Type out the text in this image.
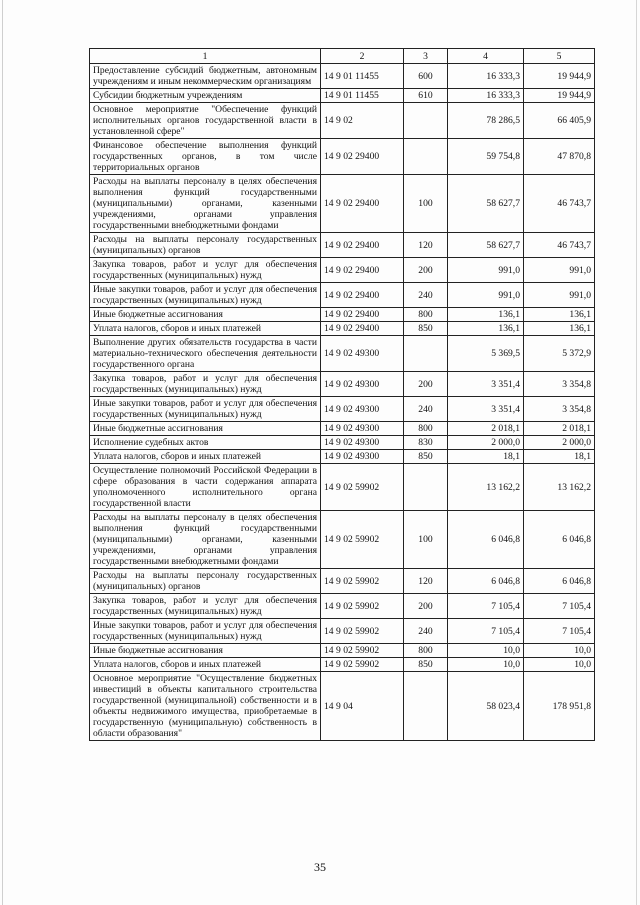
1	2	3	4	5
Предоставление субсидий бюджетным, автономным учреждениям и иным некоммерческим организациям	14 9 01 11455	600	16 333,3	19 944,9
Субсидии бюджетным учреждениям	14 9 01 11455	610	16 333,3	19 944,9
Основное мероприятие "Обеспечение функций исполнительных органов государственной власти в установленной сфере"	14 9 02		78 286,5	66 405,9
Финансовое обеспечение выполнения функций государственных органов, в том числе территориальных органов	14 9 02 29400		59 754,8	47 870,8
Расходы на выплаты персоналу в целях обеспечения выполнения функций государственными (муниципальными) органами, казенными учреждениями, органами управления государственными внебюджетными фондами	14 9 02 29400	100	58 627,7	46 743,7
Расходы на выплаты персоналу государственных (муниципальных) органов	14 9 02 29400	120	58 627,7	46 743,7
Закупка товаров, работ и услуг для обеспечения государственных (муниципальных) нужд	14 9 02 29400	200	991,0	991,0
Иные закупки товаров, работ и услуг для обеспечения государственных (муниципальных) нужд	14 9 02 29400	240	991,0	991,0
Иные бюджетные ассигнования	14 9 02 29400	800	136,1	136,1
Уплата налогов, сборов и иных платежей	14 9 02 29400	850	136,1	136,1
Выполнение других обязательств государства в части материально-технического обеспечения деятельности государственного органа	14 9 02 49300		5 369,5	5 372,9
Закупка товаров, работ и услуг для обеспечения государственных (муниципальных) нужд	14 9 02 49300	200	3 351,4	3 354,8
Иные закупки товаров, работ и услуг для обеспечения государственных (муниципальных) нужд	14 9 02 49300	240	3 351,4	3 354,8
Иные бюджетные ассигнования	14 9 02 49300	800	2 018,1	2 018,1
Исполнение судебных актов	14 9 02 49300	830	2 000,0	2 000,0
Уплата налогов, сборов и иных платежей	14 9 02 49300	850	18,1	18,1
Осуществление полномочий Российской Федерации в сфере образования в части содержания аппарата уполномоченного исполнительного органа государственной власти	14 9 02 59902		13 162,2	13 162,2
Расходы на выплаты персоналу в целях обеспечения выполнения функций государственными (муниципальными) органами, казенными учреждениями, органами управления государственными внебюджетными фондами	14 9 02 59902	100	6 046,8	6 046,8
Расходы на выплаты персоналу государственных (муниципальных) органов	14 9 02 59902	120	6 046,8	6 046,8
Закупка товаров, работ и услуг для обеспечения государственных (муниципальных) нужд	14 9 02 59902	200	7 105,4	7 105,4
Иные закупки товаров, работ и услуг для обеспечения государственных (муниципальных) нужд	14 9 02 59902	240	7 105,4	7 105,4
Иные бюджетные ассигнования	14 9 02 59902	800	10,0	10,0
Уплата налогов, сборов и иных платежей	14 9 02 59902	850	10,0	10,0
Основное мероприятие "Осуществление бюджетных инвестиций в объекты капитального строительства государственной (муниципальной) собственности и в объекты недвижимого имущества, приобретаемые в государственную (муниципальную) собственность в области образования"	14 9 04		58 023,4	178 951,8
35
